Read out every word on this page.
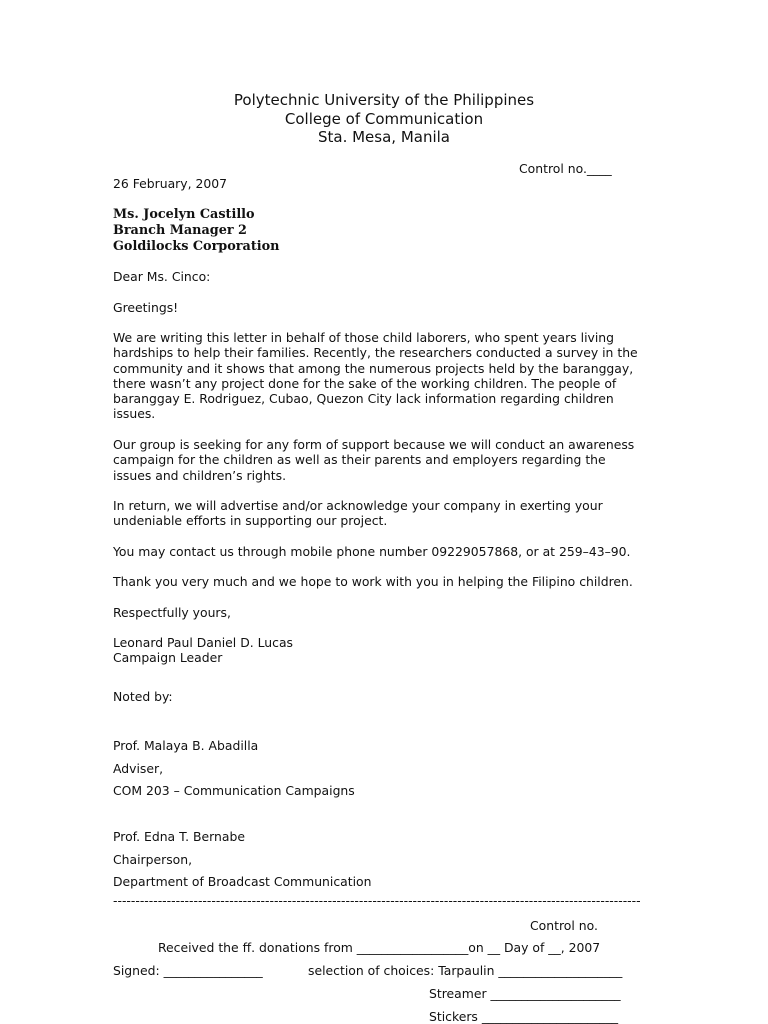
Polytechnic University of the Philippines
College of Communication
Sta. Mesa, Manila
Control no.____
26 February, 2007
Ms. Jocelyn Castillo
Branch Manager 2
Goldilocks Corporation
Dear Ms. Cinco:
Greetings!
We are writing this letter in behalf of those child laborers, who spent years living
hardships to help their families. Recently, the researchers conducted a survey in the
community and it shows that among the numerous projects held by the baranggay,
there wasn’t any project done for the sake of the working children. The people of
baranggay E. Rodriguez, Cubao, Quezon City lack information regarding children
issues.
Our group is seeking for any form of support because we will conduct an awareness
campaign for the children as well as their parents and employers regarding the
issues and children’s rights.
In return, we will advertise and/or acknowledge your company in exerting your
undeniable efforts in supporting our project.
You may contact us through mobile phone number 09229057868, or at 259–43–90.
Thank you very much and we hope to work with you in helping the Filipino children.
Respectfully yours,
Leonard Paul Daniel D. Lucas
Campaign Leader
Noted by:
Prof. Malaya B. Abadilla
Adviser,
COM 203 – Communication Campaigns
Prof. Edna T. Bernabe
Chairperson,
Department of Broadcast Communication
----------------------------------------------------------------------------------------------------------------------
Control no.
Received the ff. donations from __________________on __ Day of __, 2007
Signed: ________________	selection of choices: Tarpaulin ____________________
Streamer _____________________
Stickers ______________________
